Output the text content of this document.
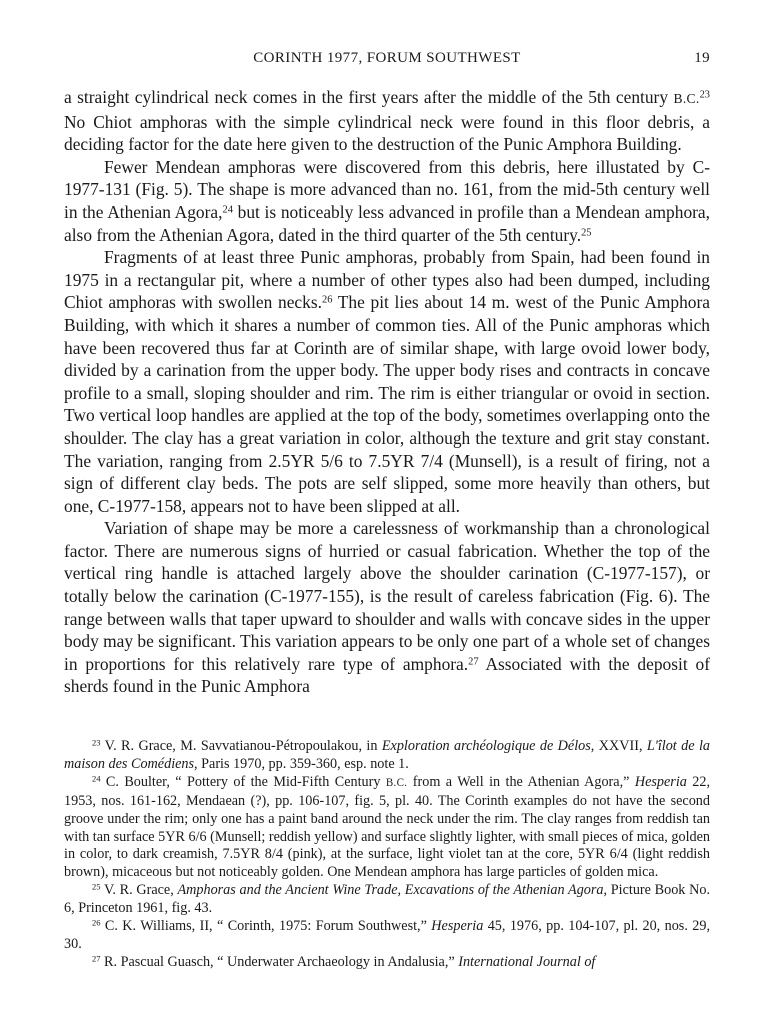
CORINTH 1977, FORUM SOUTHWEST	19

a straight cylindrical neck comes in the first years after the middle of the 5th century B.C.$^{23}$ No Chiot amphoras with the simple cylindrical neck were found in this floor debris, a deciding factor for the date here given to the destruction of the Punic Amphora Building.

Fewer Mendean amphoras were discovered from this debris, here illustated by C-1977-131 (Fig. 5). The shape is more advanced than no. 161, from the mid-5th century well in the Athenian Agora,$^{24}$ but is noticeably less advanced in profile than a Mendean amphora, also from the Athenian Agora, dated in the third quarter of the 5th century.$^{25}$

Fragments of at least three Punic amphoras, probably from Spain, had been found in 1975 in a rectangular pit, where a number of other types also had been dumped, including Chiot amphoras with swollen necks.$^{26}$ The pit lies about 14 m. west of the Punic Amphora Building, with which it shares a number of common ties. All of the Punic amphoras which have been recovered thus far at Corinth are of similar shape, with large ovoid lower body, divided by a carination from the upper body. The upper body rises and contracts in concave profile to a small, sloping shoulder and rim. The rim is either triangular or ovoid in section. Two vertical loop handles are applied at the top of the body, sometimes overlapping onto the shoulder. The clay has a great variation in color, although the texture and grit stay constant. The variation, ranging from 2.5YR 5/6 to 7.5YR 7/4 (Munsell), is a result of firing, not a sign of different clay beds. The pots are self slipped, some more heavily than others, but one, C-1977-158, appears not to have been slipped at all.

Variation of shape may be more a carelessness of workmanship than a chronological factor. There are numerous signs of hurried or casual fabrication. Whether the top of the vertical ring handle is attached largely above the shoulder carination (C-1977-157), or totally below the carination (C-1977-155), is the result of careless fabrication (Fig. 6). The range between walls that taper upward to shoulder and walls with concave sides in the upper body may be significant. This variation appears to be only one part of a whole set of changes in proportions for this relatively rare type of amphora.$^{27}$ Associated with the deposit of sherds found in the Punic Amphora

$^{23}$ V. R. Grace, M. Savvatianou-Pétropoulakou, in Exploration archéologique de Délos, XXVII, L'îlot de la maison des Comédiens, Paris 1970, pp. 359-360, esp. note 1.

$^{24}$ C. Boulter, “ Pottery of the Mid-Fifth Century B.C. from a Well in the Athenian Agora,” Hesperia 22, 1953, nos. 161-162, Mendaean (?), pp. 106-107, fig. 5, pl. 40. The Corinth examples do not have the second groove under the rim; only one has a paint band around the neck under the rim. The clay ranges from reddish tan with tan surface 5YR 6/6 (Munsell; reddish yellow) and surface slightly lighter, with small pieces of mica, golden in color, to dark creamish, 7.5YR 8/4 (pink), at the surface, light violet tan at the core, 5YR 6/4 (light reddish brown), micaceous but not noticeably golden. One Mendean amphora has large particles of golden mica.

$^{25}$ V. R. Grace, Amphoras and the Ancient Wine Trade, Excavations of the Athenian Agora, Picture Book No. 6, Princeton 1961, fig. 43.

$^{26}$ C. K. Williams, II, “ Corinth, 1975: Forum Southwest,” Hesperia 45, 1976, pp. 104-107, pl. 20, nos. 29, 30.

$^{27}$ R. Pascual Guasch, “ Underwater Archaeology in Andalusia,” International Journal of
